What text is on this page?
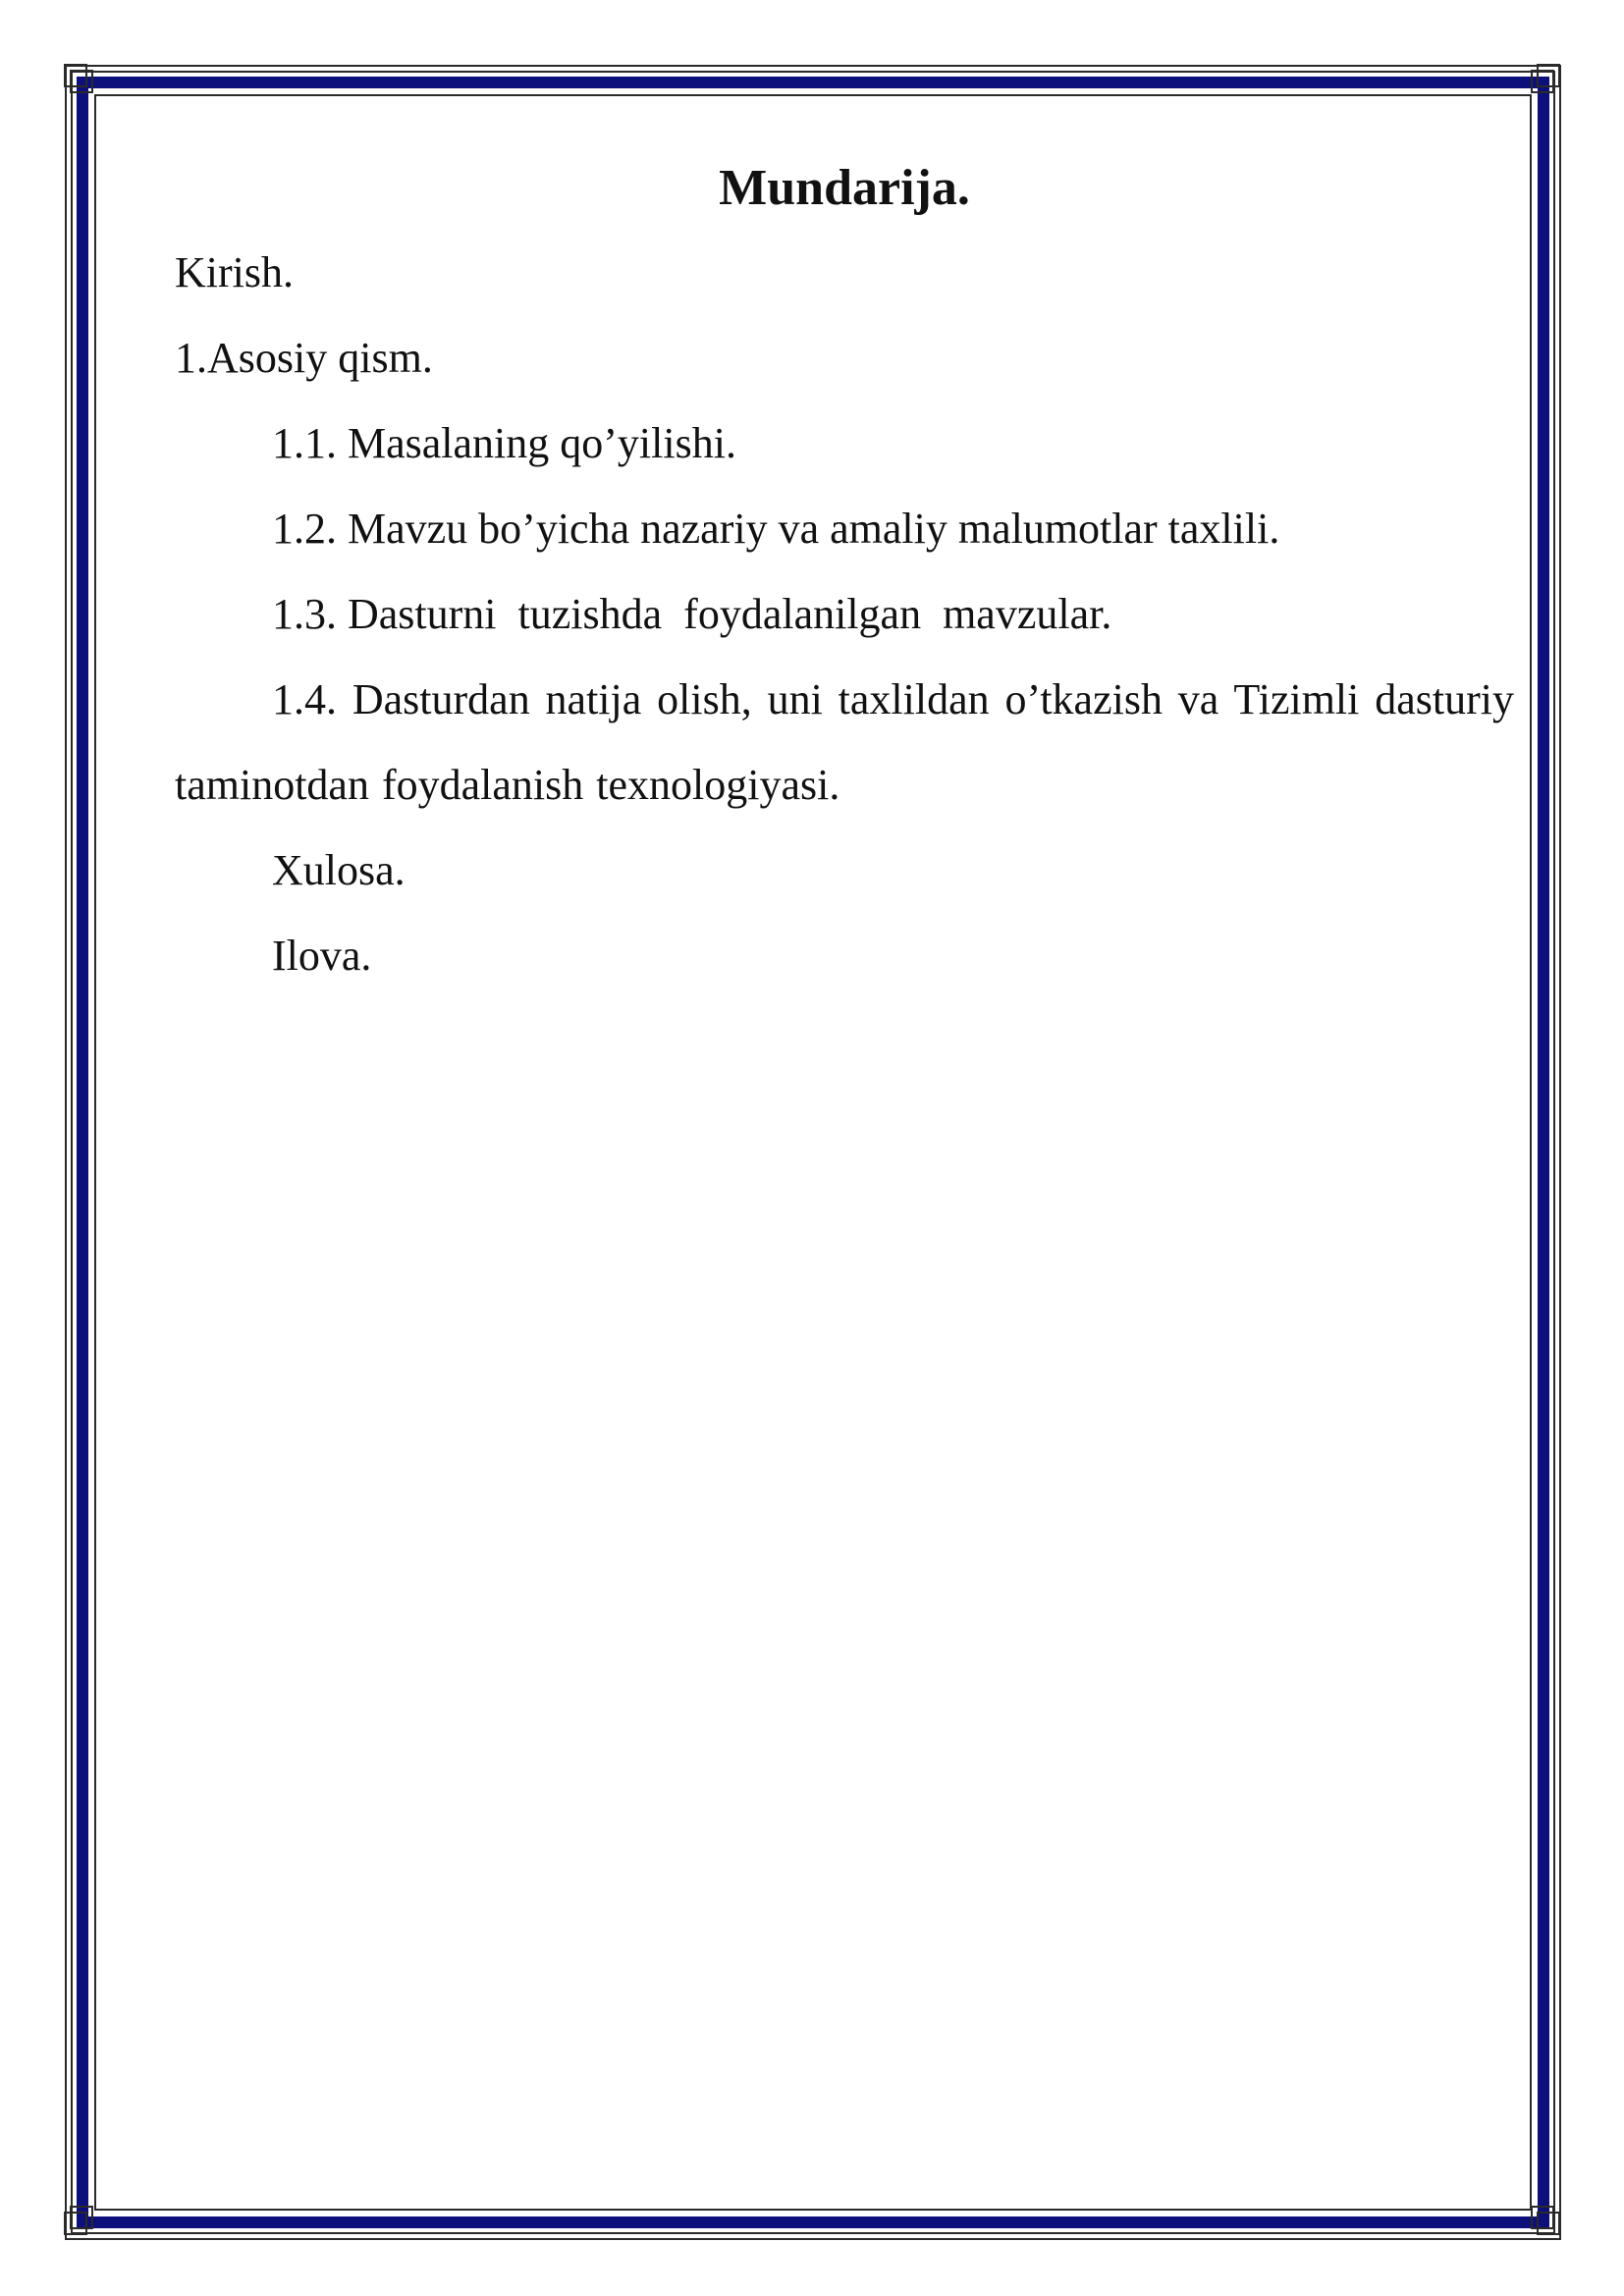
Mundarija.

Kirish.

1.Asosiy qism.

1.1. Masalaning qo’yilishi.

1.2. Mavzu bo’yicha nazariy va amaliy malumotlar taxlili.

1.3. Dasturni  tuzishda  foydalanilgan  mavzular.

1.4. Dasturdan natija olish, uni taxlildan o’tkazish va Tizimli dasturiy taminotdan foydalanish texnologiyasi.

Xulosa.

Ilova.
